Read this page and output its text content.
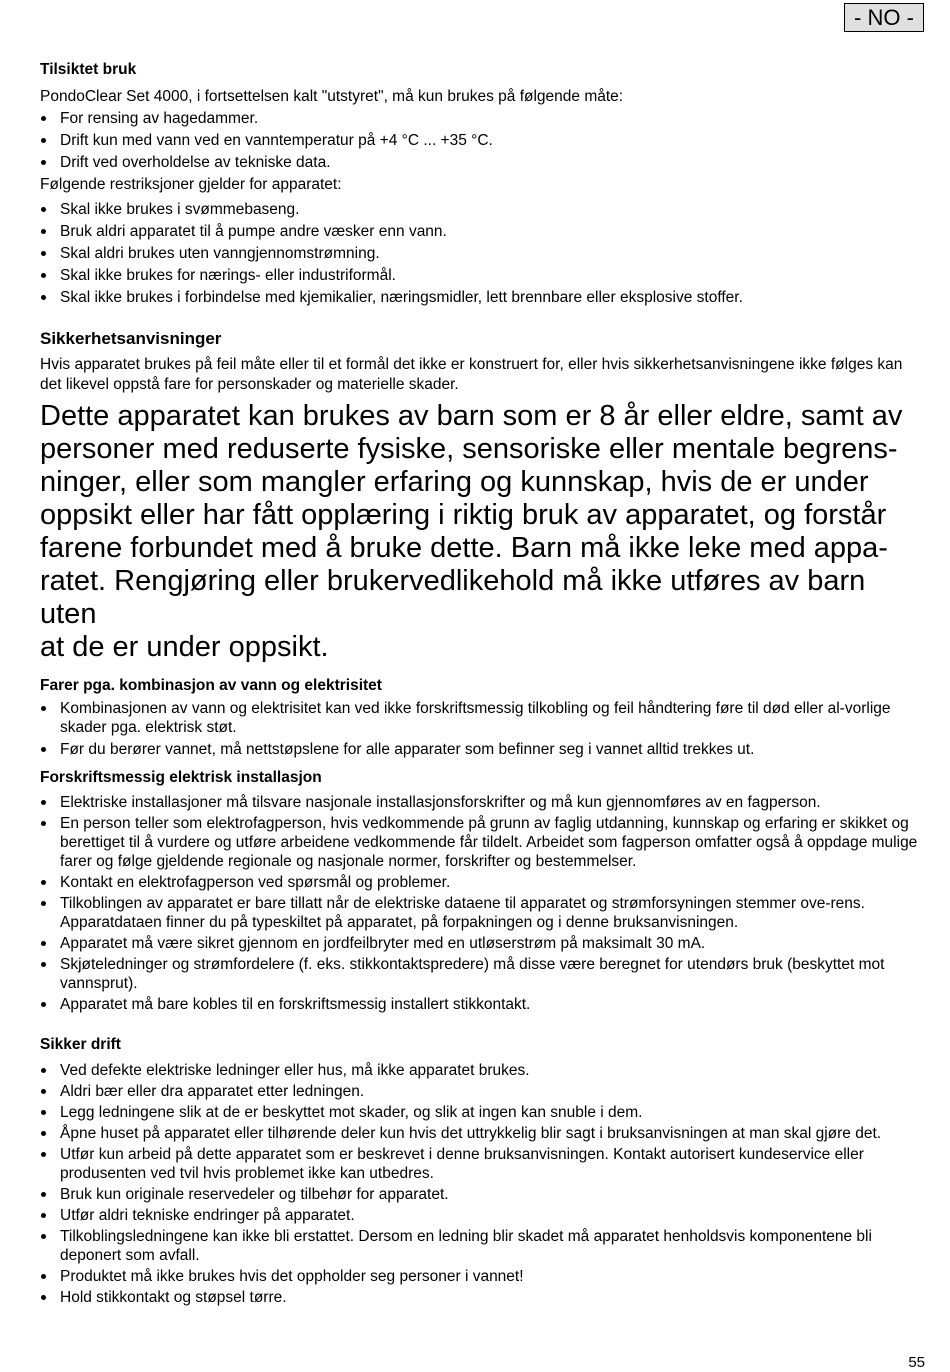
- NO -
Tilsiktet bruk
PondoClear Set 4000, i fortsettelsen kalt "utstyret", må kun brukes på følgende måte:
For rensing av hagedammer.
Drift kun med vann ved en vanntemperatur på +4 °C ... +35 °C.
Drift ved overholdelse av tekniske data.
Følgende restriksjoner gjelder for apparatet:
Skal ikke brukes i svømmebaseng.
Bruk aldri apparatet til å pumpe andre væsker enn vann.
Skal aldri brukes uten vanngjennomstrømning.
Skal ikke brukes for nærings- eller industriformål.
Skal ikke brukes i forbindelse med kjemikalier, næringsmidler, lett brennbare eller eksplosive stoffer.
Sikkerhetsanvisninger
Hvis apparatet brukes på feil måte eller til et formål det ikke er konstruert for, eller hvis sikkerhetsanvisningene ikke følges kan det likevel oppstå fare for personskader og materielle skader.
Dette apparatet kan brukes av barn som er 8 år eller eldre, samt av
personer med reduserte fysiske, sensoriske eller mentale begrens-
ninger, eller som mangler erfaring og kunnskap, hvis de er under
oppsikt eller har fått opplæring i riktig bruk av apparatet, og forstår
farene forbundet med å bruke dette. Barn må ikke leke med appa-
ratet. Rengjøring eller brukervedlikehold må ikke utføres av barn uten
at de er under oppsikt.
Farer pga. kombinasjon av vann og elektrisitet
Kombinasjonen av vann og elektrisitet kan ved ikke forskriftsmessig tilkobling og feil håndtering føre til død eller al-vorlige skader pga. elektrisk støt.
Før du berører vannet, må nettstøpslene for alle apparater som befinner seg i vannet alltid trekkes ut.
Forskriftsmessig elektrisk installasjon
Elektriske installasjoner må tilsvare nasjonale installasjonsforskrifter og må kun gjennomføres av en fagperson.
En person teller som elektrofagperson, hvis vedkommende på grunn av faglig utdanning, kunnskap og erfaring er skikket og berettiget til å vurdere og utføre arbeidene vedkommende får tildelt. Arbeidet som fagperson omfatter også å oppdage mulige farer og følge gjeldende regionale og nasjonale normer, forskrifter og bestemmelser.
Kontakt en elektrofagperson ved spørsmål og problemer.
Tilkoblingen av apparatet er bare tillatt når de elektriske dataene til apparatet og strømforsyningen stemmer ove-rens. Apparatdataen finner du på typeskiltet på apparatet, på forpakningen og i denne bruksanvisningen.
Apparatet må være sikret gjennom en jordfeilbryter med en utløserstrøm på maksimalt 30 mA.
Skjøteledninger og strømfordelere (f. eks. stikkontaktspredere) må disse være beregnet for utendørs bruk (beskyttet mot vannsprut).
Apparatet må bare kobles til en forskriftsmessig installert stikkontakt.
Sikker drift
Ved defekte elektriske ledninger eller hus, må ikke apparatet brukes.
Aldri bær eller dra apparatet etter ledningen.
Legg ledningene slik at de er beskyttet mot skader, og slik at ingen kan snuble i dem.
Åpne huset på apparatet eller tilhørende deler kun hvis det uttrykkelig blir sagt i bruksanvisningen at man skal gjøre det.
Utfør kun arbeid på dette apparatet som er beskrevet i denne bruksanvisningen. Kontakt autorisert kundeservice eller produsenten ved tvil hvis problemet ikke kan utbedres.
Bruk kun originale reservedeler og tilbehør for apparatet.
Utfør aldri tekniske endringer på apparatet.
Tilkoblingsledningene kan ikke bli erstattet. Dersom en ledning blir skadet må apparatet henholdsvis komponentene bli deponert som avfall.
Produktet må ikke brukes hvis det oppholder seg personer i vannet!
Hold stikkontakt og støpsel tørre.
55
